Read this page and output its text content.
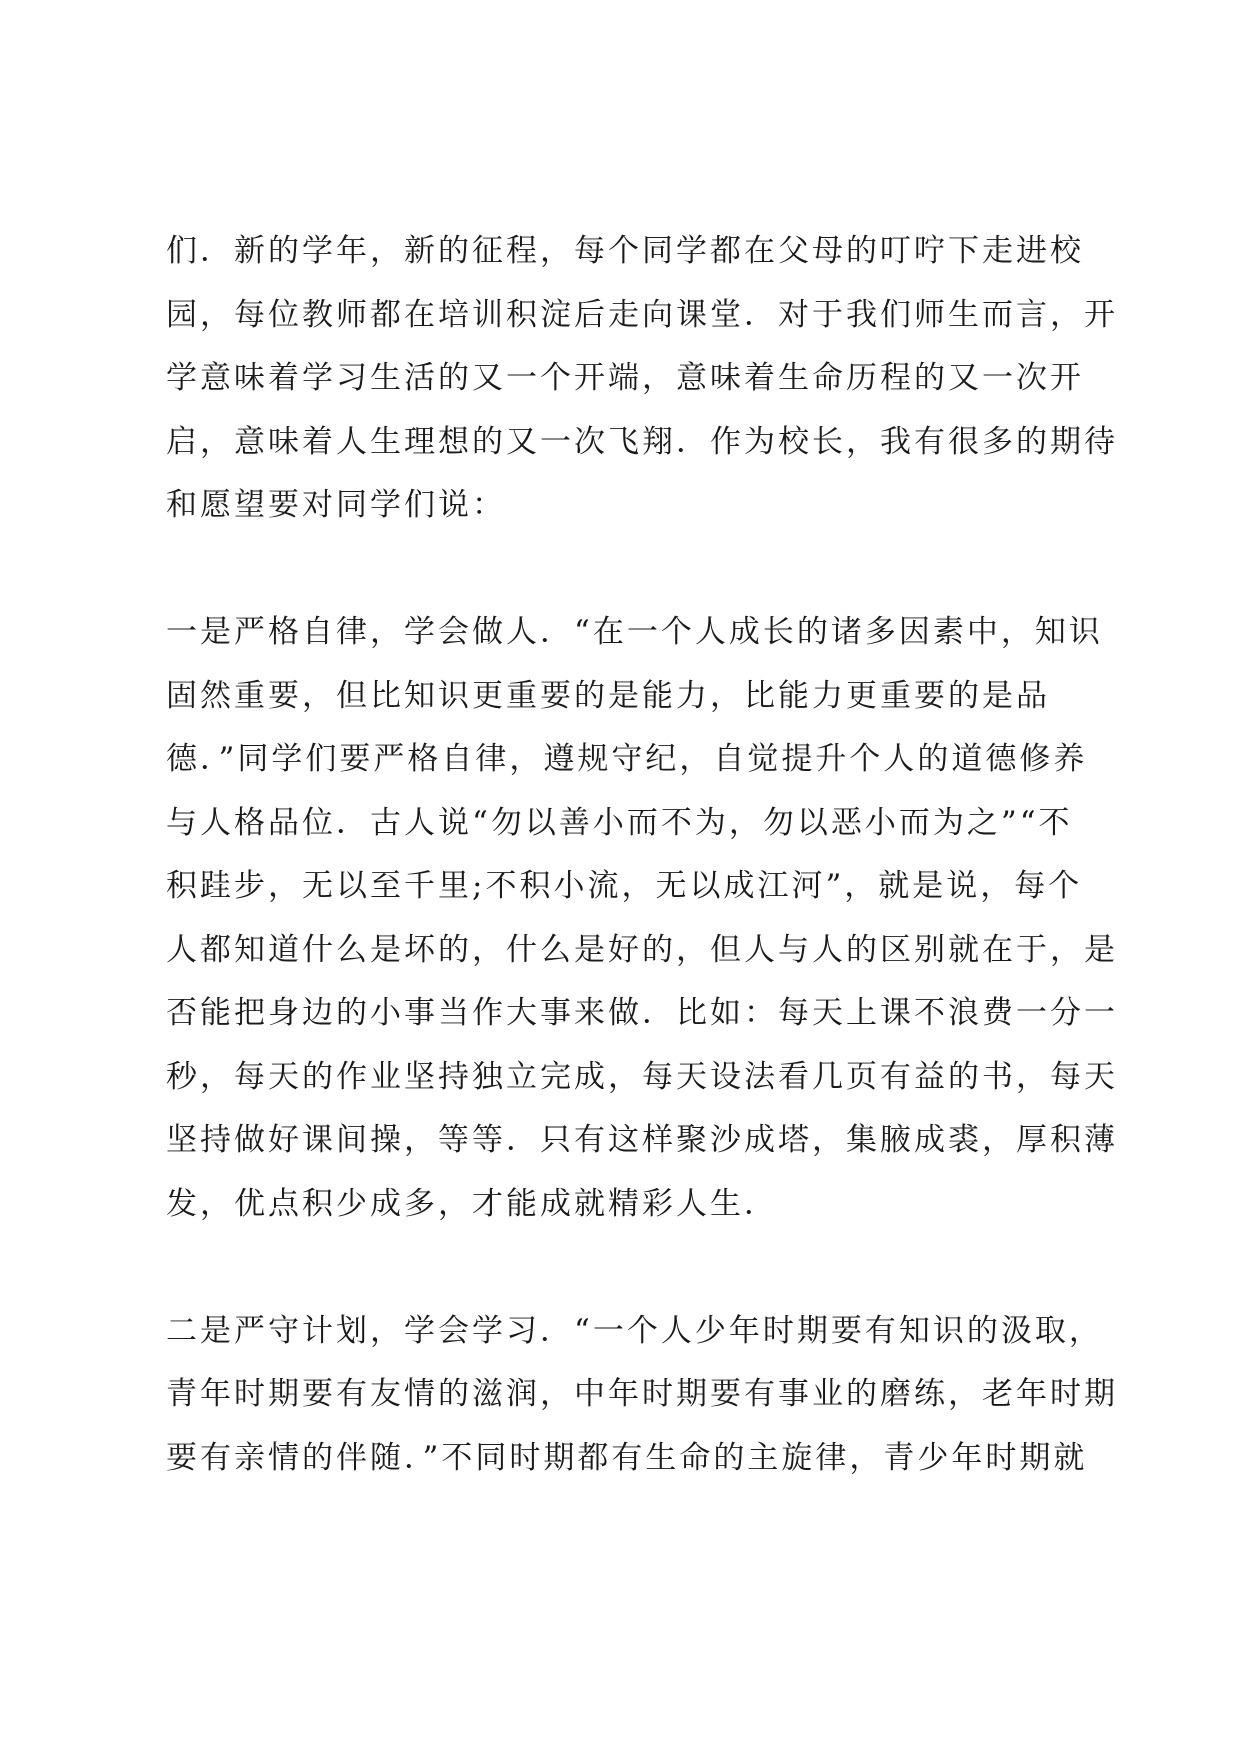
们．新的学年，新的征程，每个同学都在父母的叮咛下走进校
园，每位教师都在培训积淀后走向课堂．对于我们师生而言，开
学意味着学习生活的又一个开端，意味着生命历程的又一次开
启，意味着人生理想的又一次飞翔．作为校长，我有很多的期待
和愿望要对同学们说：
一是严格自律，学会做人．“在一个人成长的诸多因素中，知识
固然重要，但比知识更重要的是能力，比能力更重要的是品
德．”同学们要严格自律，遵规守纪，自觉提升个人的道德修养
与人格品位．古人说“勿以善小而不为，勿以恶小而为之”“不
积跬步，无以至千里;不积小流，无以成江河”，就是说，每个
人都知道什么是坏的，什么是好的，但人与人的区别就在于，是
否能把身边的小事当作大事来做．比如：每天上课不浪费一分一
秒，每天的作业坚持独立完成，每天设法看几页有益的书，每天
坚持做好课间操，等等．只有这样聚沙成塔，集腋成裘，厚积薄
发，优点积少成多，才能成就精彩人生．
二是严守计划，学会学习．“一个人少年时期要有知识的汲取，
青年时期要有友情的滋润，中年时期要有事业的磨练，老年时期
要有亲情的伴随．”不同时期都有生命的主旋律，青少年时期就
